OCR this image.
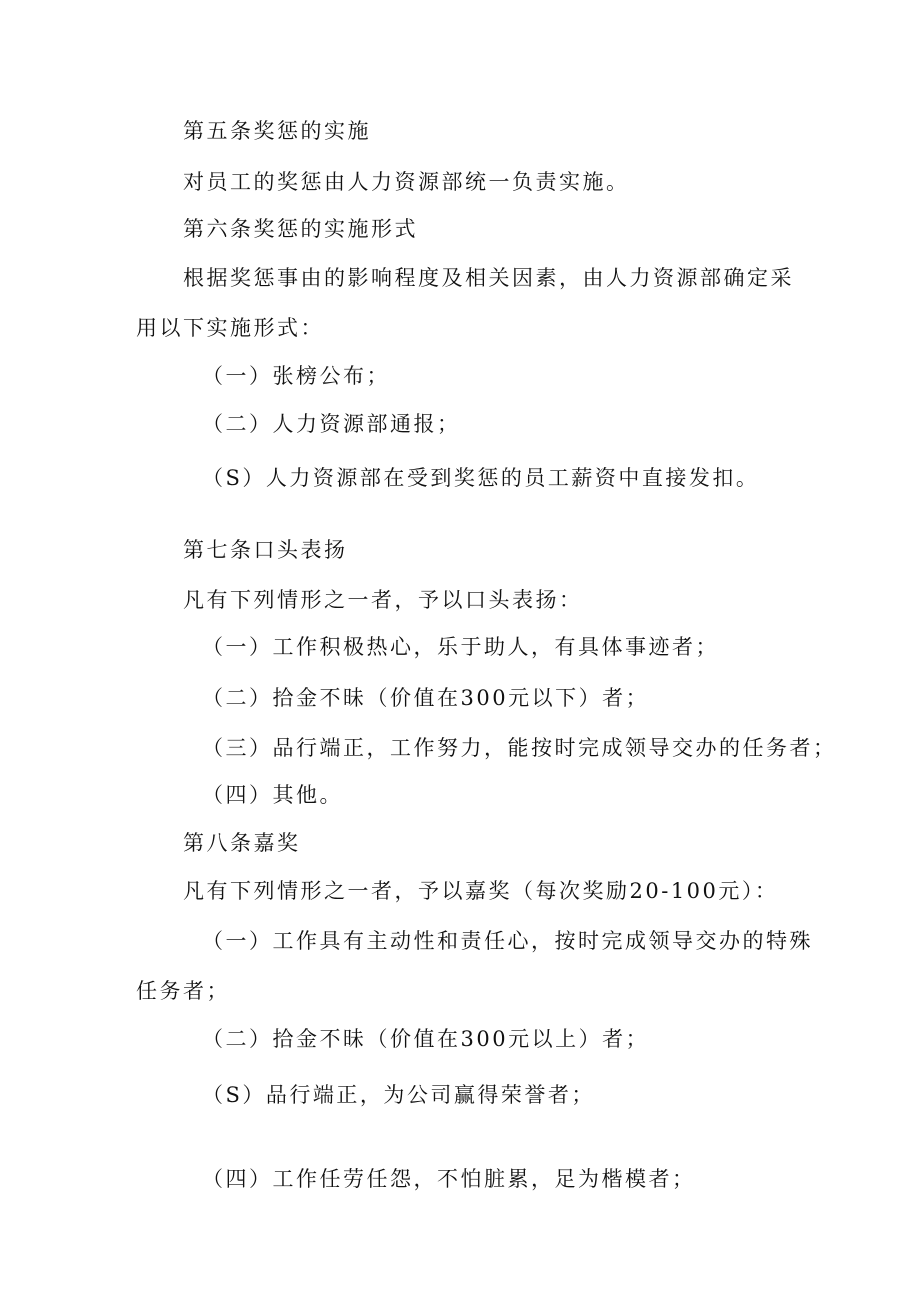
第五条奖惩的实施
对员工的奖惩由人力资源部统一负责实施。
第六条奖惩的实施形式
根据奖惩事由的影响程度及相关因素，由人力资源部确定采
用以下实施形式：
（一）张榜公布；
（二）人力资源部通报；
（S）人力资源部在受到奖惩的员工薪资中直接发扣。
第七条口头表扬
凡有下列情形之一者，予以口头表扬：
（一）工作积极热心，乐于助人，有具体事迹者；
（二）拾金不昧（价值在300元以下）者；
（三）品行端正，工作努力，能按时完成领导交办的任务者；
（四）其他。
第八条嘉奖
凡有下列情形之一者，予以嘉奖（每次奖励20-100元）：
（一）工作具有主动性和责任心，按时完成领导交办的特殊
任务者；
（二）拾金不昧（价值在300元以上）者；
（S）品行端正，为公司赢得荣誉者；
（四）工作任劳任怨，不怕脏累，足为楷模者；
